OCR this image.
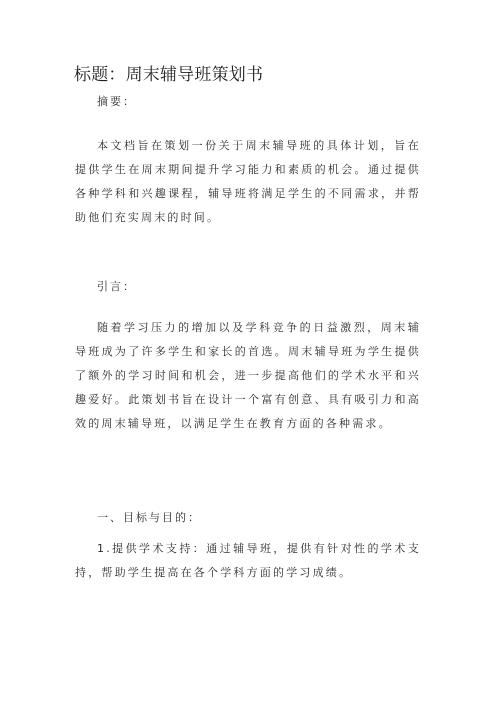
标题：周末辅导班策划书
摘要：
本文档旨在策划一份关于周末辅导班的具体计划，旨在提供学生在周末期间提升学习能力和素质的机会。通过提供各种学科和兴趣课程，辅导班将满足学生的不同需求，并帮助他们充实周末的时间。
引言：
随着学习压力的增加以及学科竞争的日益激烈，周末辅导班成为了许多学生和家长的首选。周末辅导班为学生提供了额外的学习时间和机会，进一步提高他们的学术水平和兴趣爱好。此策划书旨在设计一个富有创意、具有吸引力和高效的周末辅导班，以满足学生在教育方面的各种需求。
一、目标与目的：
1.提供学术支持：通过辅导班，提供有针对性的学术支持，帮助学生提高在各个学科方面的学习成绩。
